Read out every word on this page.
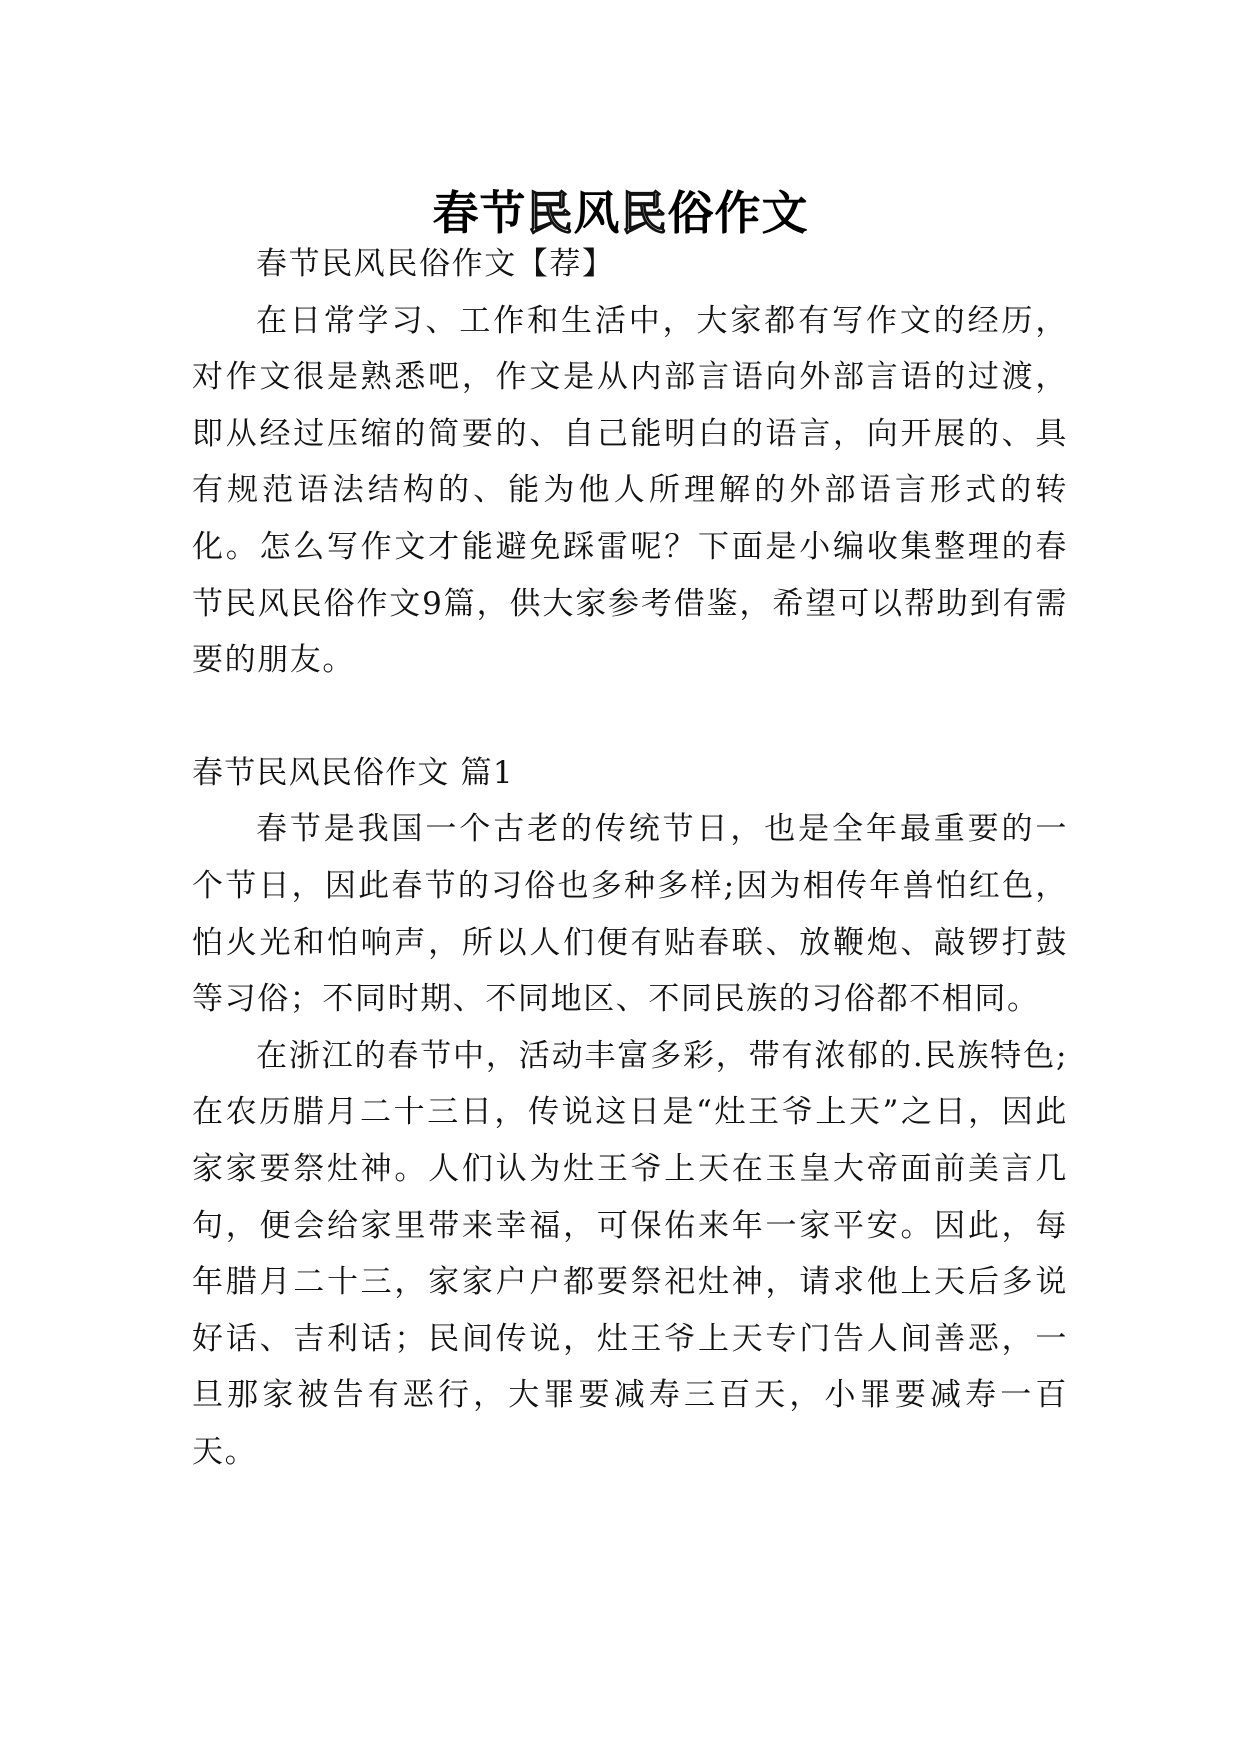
春节民风民俗作文

春节民风民俗作文【荐】

在日常学习、工作和生活中，大家都有写作文的经历，对作文很是熟悉吧，作文是从内部言语向外部言语的过渡，即从经过压缩的简要的、自己能明白的语言，向开展的、具有规范语法结构的、能为他人所理解的外部语言形式的转化。怎么写作文才能避免踩雷呢？下面是小编收集整理的春节民风民俗作文9篇，供大家参考借鉴，希望可以帮助到有需要的朋友。

春节民风民俗作文 篇1

春节是我国一个古老的传统节日，也是全年最重要的一个节日，因此春节的习俗也多种多样;因为相传年兽怕红色，怕火光和怕响声，所以人们便有贴春联、放鞭炮、敲锣打鼓等习俗；不同时期、不同地区、不同民族的习俗都不相同。

在浙江的春节中，活动丰富多彩，带有浓郁的.民族特色;在农历腊月二十三日，传说这日是“灶王爷上天”之日，因此家家要祭灶神。人们认为灶王爷上天在玉皇大帝面前美言几句，便会给家里带来幸福，可保佑来年一家平安。因此，每年腊月二十三，家家户户都要祭祀灶神，请求他上天后多说好话、吉利话；民间传说，灶王爷上天专门告人间善恶，一旦那家被告有恶行，大罪要减寿三百天，小罪要减寿一百天。
